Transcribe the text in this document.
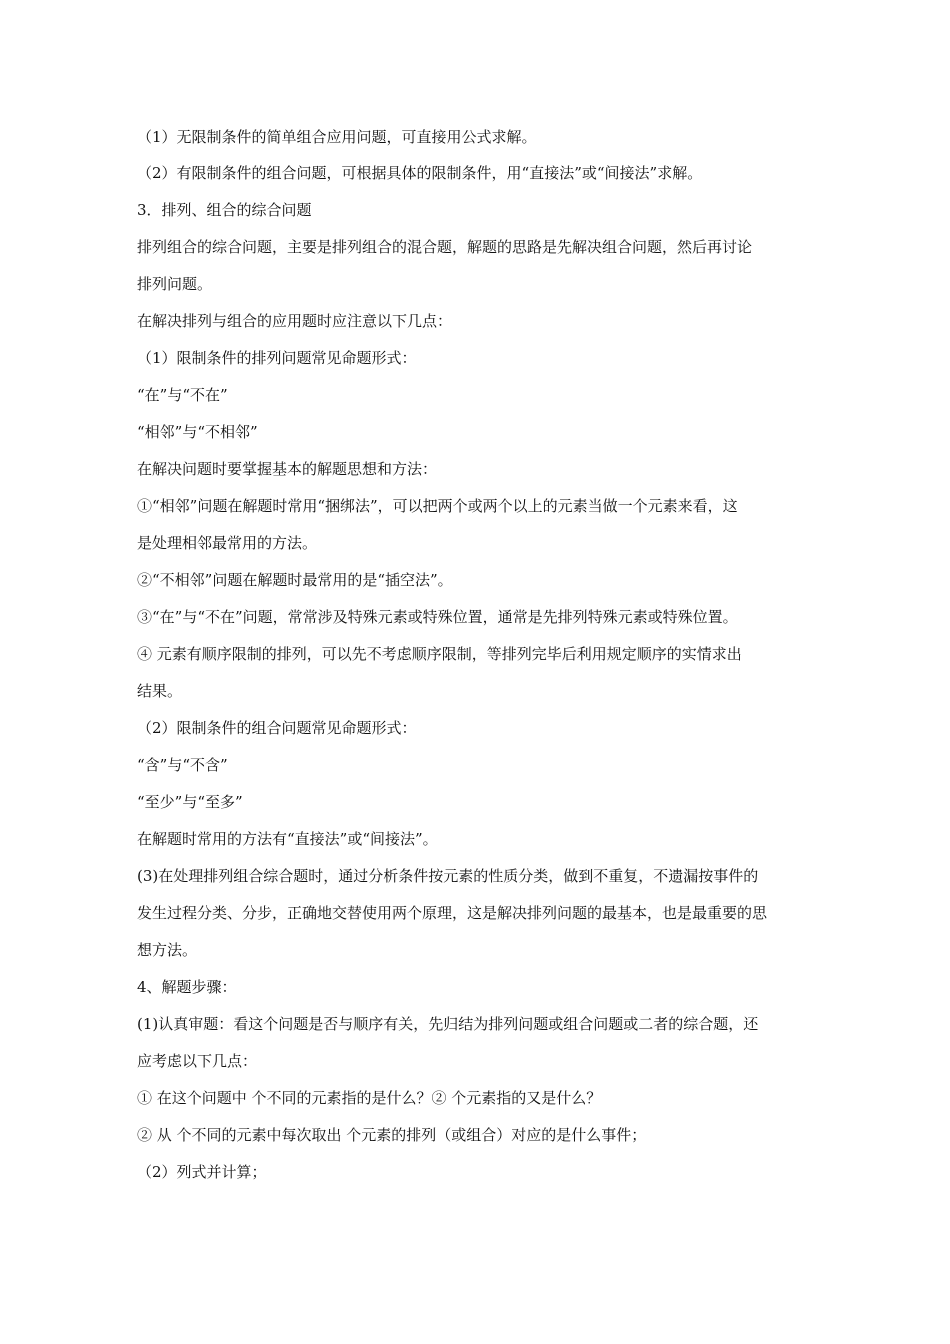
（1）无限制条件的简单组合应用问题，可直接用公式求解。
（2）有限制条件的组合问题，可根据具体的限制条件，用“直接法”或“间接法”求解。
3．排列、组合的综合问题
排列组合的综合问题，主要是排列组合的混合题，解题的思路是先解决组合问题，然后再讨论
排列问题。
在解决排列与组合的应用题时应注意以下几点：
（1）限制条件的排列问题常见命题形式：
“在”与“不在”
“相邻”与“不相邻”
在解决问题时要掌握基本的解题思想和方法：
①“相邻”问题在解题时常用“捆绑法”，可以把两个或两个以上的元素当做一个元素来看，这
是处理相邻最常用的方法。
②“不相邻”问题在解题时最常用的是“插空法”。
③“在”与“不在”问题，常常涉及特殊元素或特殊位置，通常是先排列特殊元素或特殊位置。
④ 元素有顺序限制的排列，可以先不考虑顺序限制，等排列完毕后利用规定顺序的实情求出
结果。
（2）限制条件的组合问题常见命题形式：
“含”与“不含”
“至少”与“至多”
在解题时常用的方法有“直接法”或“间接法”。
(3)在处理排列组合综合题时，通过分析条件按元素的性质分类，做到不重复，不遗漏按事件的
发生过程分类、分步，正确地交替使用两个原理，这是解决排列问题的最基本，也是最重要的思
想方法。
4、解题步骤：
(1)认真审题：看这个问题是否与顺序有关，先归结为排列问题或组合问题或二者的综合题，还
应考虑以下几点：
① 在这个问题中 个不同的元素指的是什么？② 个元素指的又是什么？
② 从 个不同的元素中每次取出 个元素的排列（或组合）对应的是什么事件；
（2）列式并计算；
